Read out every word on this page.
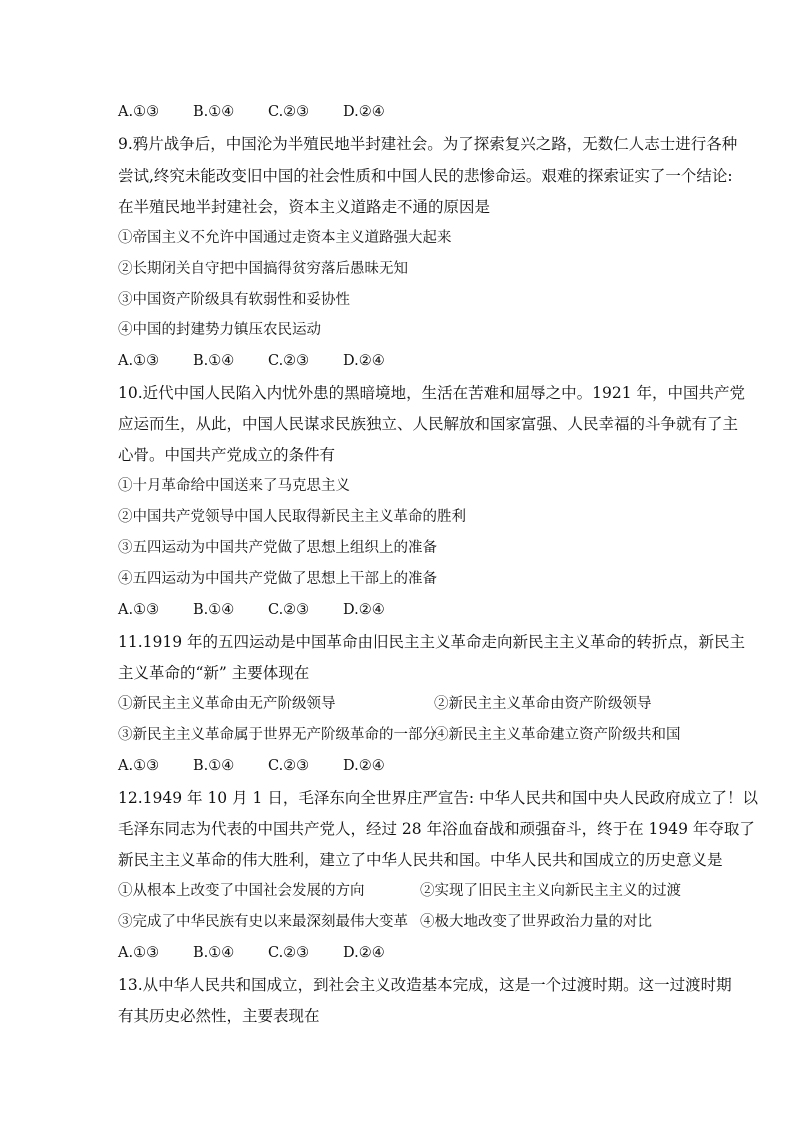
A.①③	B.①④	C.②③	D.②④
9.鸦片战争后，中国沦为半殖民地半封建社会。为了探索复兴之路，无数仁人志士进行各种
尝试,终究未能改变旧中国的社会性质和中国人民的悲惨命运。艰难的探索证实了一个结论:
在半殖民地半封建社会，资本主义道路走不通的原因是
①帝国主义不允许中国通过走资本主义道路强大起来
②长期闭关自守把中国搞得贫穷落后愚昧无知
③中国资产阶级具有软弱性和妥协性
④中国的封建势力镇压农民运动
A.①③	B.①④	C.②③	D.②④
10.近代中国人民陷入内忧外患的黑暗境地，生活在苦难和屈辱之中。1921 年，中国共产党
应运而生，从此，中国人民谋求民族独立、人民解放和国家富强、人民幸福的斗争就有了主
心骨。中国共产党成立的条件有
①十月革命给中国送来了马克思主义
②中国共产党领导中国人民取得新民主主义革命的胜利
③五四运动为中国共产党做了思想上组织上的准备
④五四运动为中国共产党做了思想上干部上的准备
A.①③	B.①④	C.②③	D.②④
11.1919 年的五四运动是中国革命由旧民主主义革命走向新民主主义革命的转折点，新民主
主义革命的“新” 主要体现在
①新民主主义革命由无产阶级领导	②新民主主义革命由资产阶级领导
③新民主主义革命属于世界无产阶级革命的一部分
④新民主主义革命建立资产阶级共和国
A.①③	B.①④	C.②③	D.②④
12.1949 年 10 月 1 日，毛泽东向全世界庄严宣告: 中华人民共和国中央人民政府成立了！以
毛泽东同志为代表的中国共产党人，经过 28 年浴血奋战和顽强奋斗，终于在 1949 年夺取了
新民主主义革命的伟大胜利，建立了中华人民共和国。中华人民共和国成立的历史意义是
①从根本上改变了中国社会发展的方向	②实现了旧民主主义向新民主主义的过渡
③完成了中华民族有史以来最深刻最伟大变革 ④极大地改变了世界政治力量的对比
A.①③	B.①④	C.②③	D.②④
13.从中华人民共和国成立，到社会主义改造基本完成，这是一个过渡时期。这一过渡时期
有其历史必然性，主要表现在
